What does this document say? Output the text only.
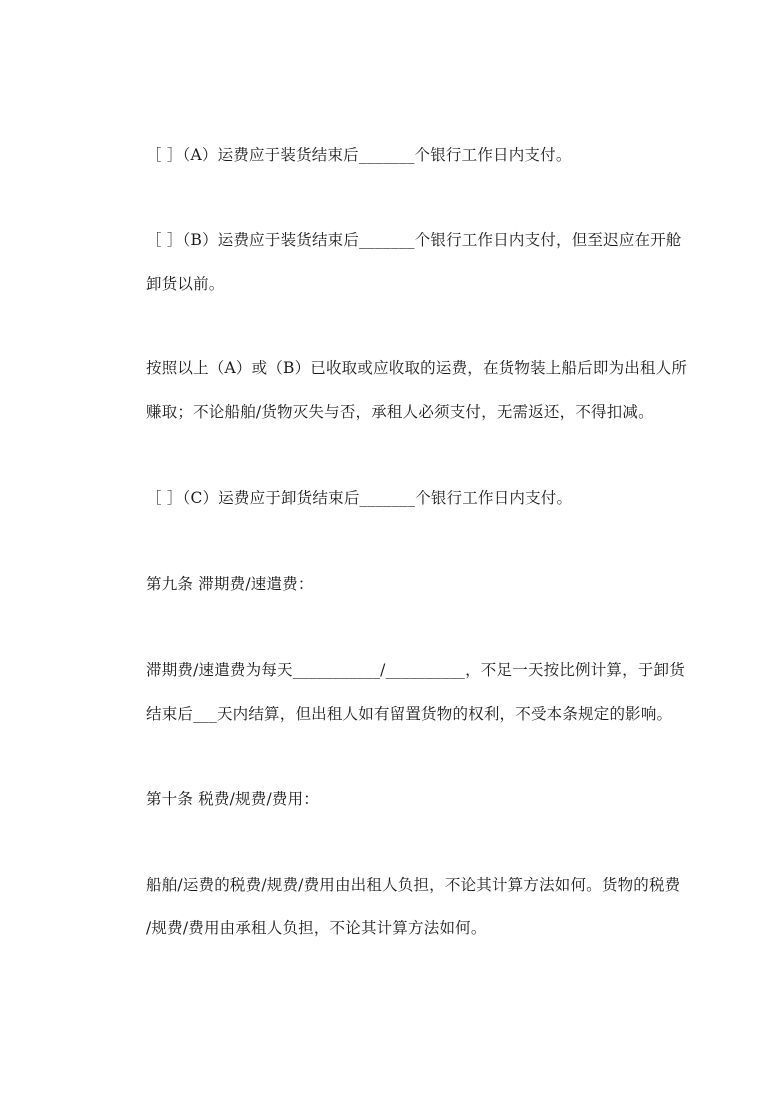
［ ］（A）运费应于装货结束后_______个银行工作日内支付。
［ ］（B）运费应于装货结束后_______个银行工作日内支付，但至迟应在开舱
卸货以前。
按照以上（A）或（B）已收取或应收取的运费，在货物装上船后即为出租人所
赚取；不论船舶/货物灭失与否，承租人必须支付，无需返还，不得扣减。
［ ］（C）运费应于卸货结束后_______个银行工作日内支付。
第九条 滞期费/速遣费：
滞期费/速遣费为每天___________/__________，不足一天按比例计算，于卸货
结束后___天内结算，但出租人如有留置货物的权利，不受本条规定的影响。
第十条 税费/规费/费用：
船舶/运费的税费/规费/费用由出租人负担，不论其计算方法如何。货物的税费
/规费/费用由承租人负担，不论其计算方法如何。
